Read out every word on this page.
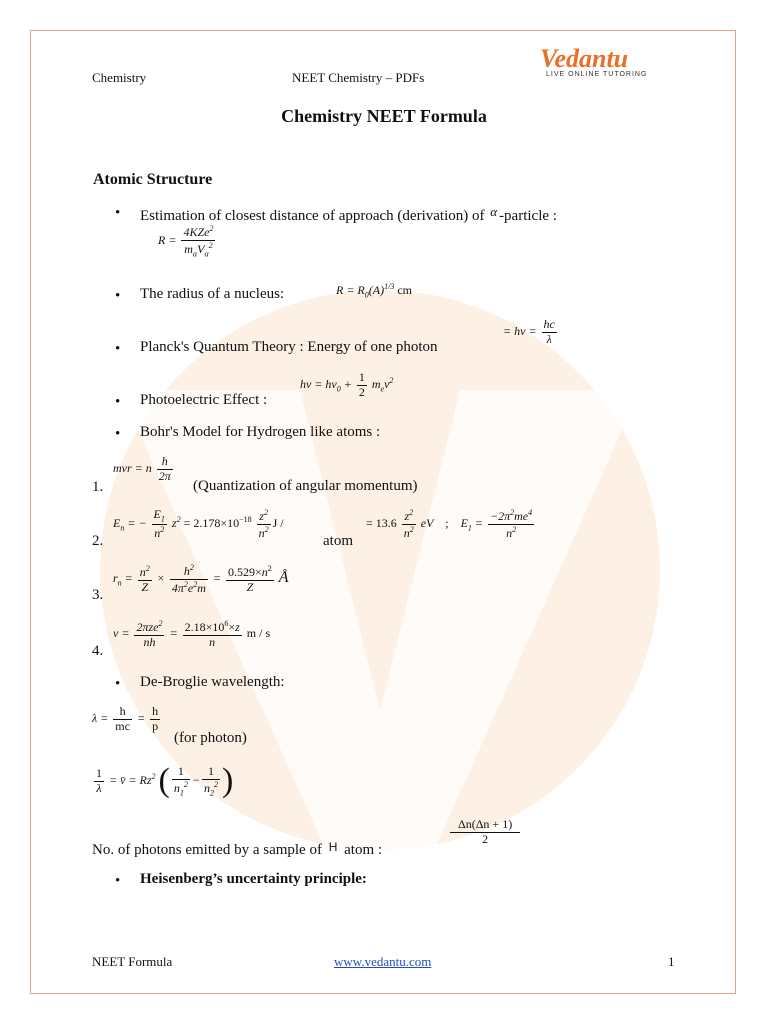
Chemistry	NEET Chemistry – PDFs
Vedantu
LIVE ONLINE TUTORING
Chemistry NEET Formula
Atomic Structure
• Estimation of closest distance of approach (derivation) of α -particle :
$R = \frac{4KZe^2}{m_\alpha V_\alpha^2}$
• The radius of a nucleus:	$R = R_0(A)^{1/3}$ cm
• Planck's Quantum Theory : Energy of one photon
= hv = $\frac{hc}{\lambda}$
hv = $hv_0 + \frac{1}{2} m_ev^2$
• Photoelectric Effect :
• Bohr's Model for Hydrogen like atoms :
mvr = n $\frac{h}{2\pi}$
1.	(Quantization of angular momentum)
$E_n$ = − $\frac{E_1}{n^2} z^2 = 2.178\times 10^{-18} \frac{z^2}{n^2}$ J /
2.	atom
= $13.6 \frac{z^2}{n^2}$ eV    ;    $E_1 = \frac{-2\pi^2me^4}{n^2}$
$r_n = \frac{n^2}{Z} \times \frac{h^2}{4\pi^2e^2m} = \frac{0.529\times n^2}{Z}$ Å
3.
$v = \frac{2\pi ze^2}{nh} = \frac{2.18\times 10^6\times z}{n}$ m / s
4.
• De-Broglie wavelength:
$\lambda = \frac{h}{mc} = \frac{h}{p}$
(for photon)
$\frac{1}{\lambda}$ = v̄ = $Rz^2$ ( $\frac{1}{n_1^2} - \frac{1}{n_2^2}$ )
No. of photons emitted by a sample of $^H$ atom :
$\frac{\Delta n(\Delta n + 1)}{2}$
• Heisenberg’s uncertainty principle:
NEET Formula	www.vedantu.com	1
